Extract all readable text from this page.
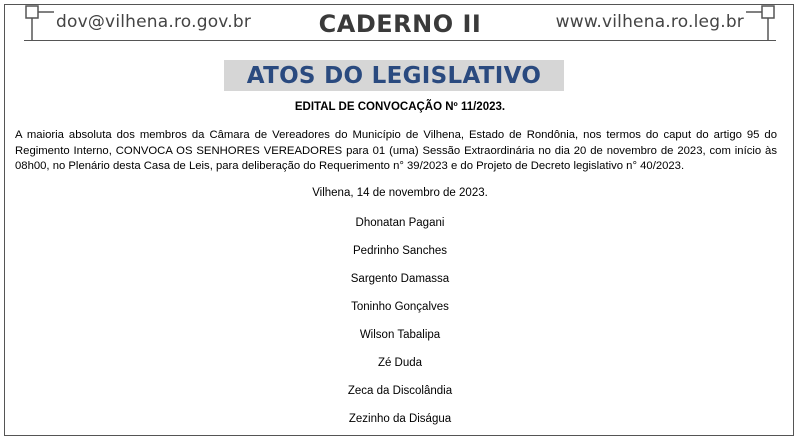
dov@vilhena.ro.gov.br	CADERNO II	www.vilhena.ro.leg.br
ATOS DO LEGISLATIVO
EDITAL DE CONVOCAÇÃO Nº 11/2023.
A maioria absoluta dos membros da Câmara de Vereadores do Município de Vilhena, Estado de Rondônia, nos termos do caput do artigo 95 do Regimento Interno, CONVOCA OS SENHORES VEREADORES para 01 (uma) Sessão Extraordinária no dia 20 de novembro de 2023, com início às 08h00, no Plenário desta Casa de Leis, para deliberação do Requerimento n° 39/2023 e do Projeto de Decreto legislativo n° 40/2023.
Vilhena, 14 de novembro de 2023.
Dhonatan Pagani
Pedrinho Sanches
Sargento Damassa
Toninho Gonçalves
Wilson Tabalipa
Zé Duda
Zeca da Discolândia
Zezinho da Diságua
